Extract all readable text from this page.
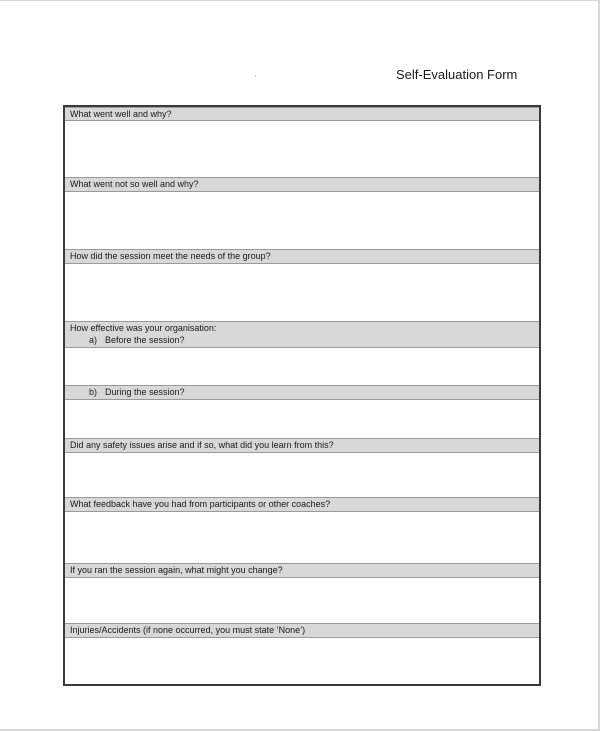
Self-Evaluation Form
What went well and why?
What went not so well and why?
How did the session meet the needs of the group?
How effective was your organisation:
a) Before the session?
b) During the session?
Did any safety issues arise and if so, what did you learn from this?
What feedback have you had from participants or other coaches?
If you ran the session again, what might you change?
Injuries/Accidents (if none occurred, you must state ‘None’)
